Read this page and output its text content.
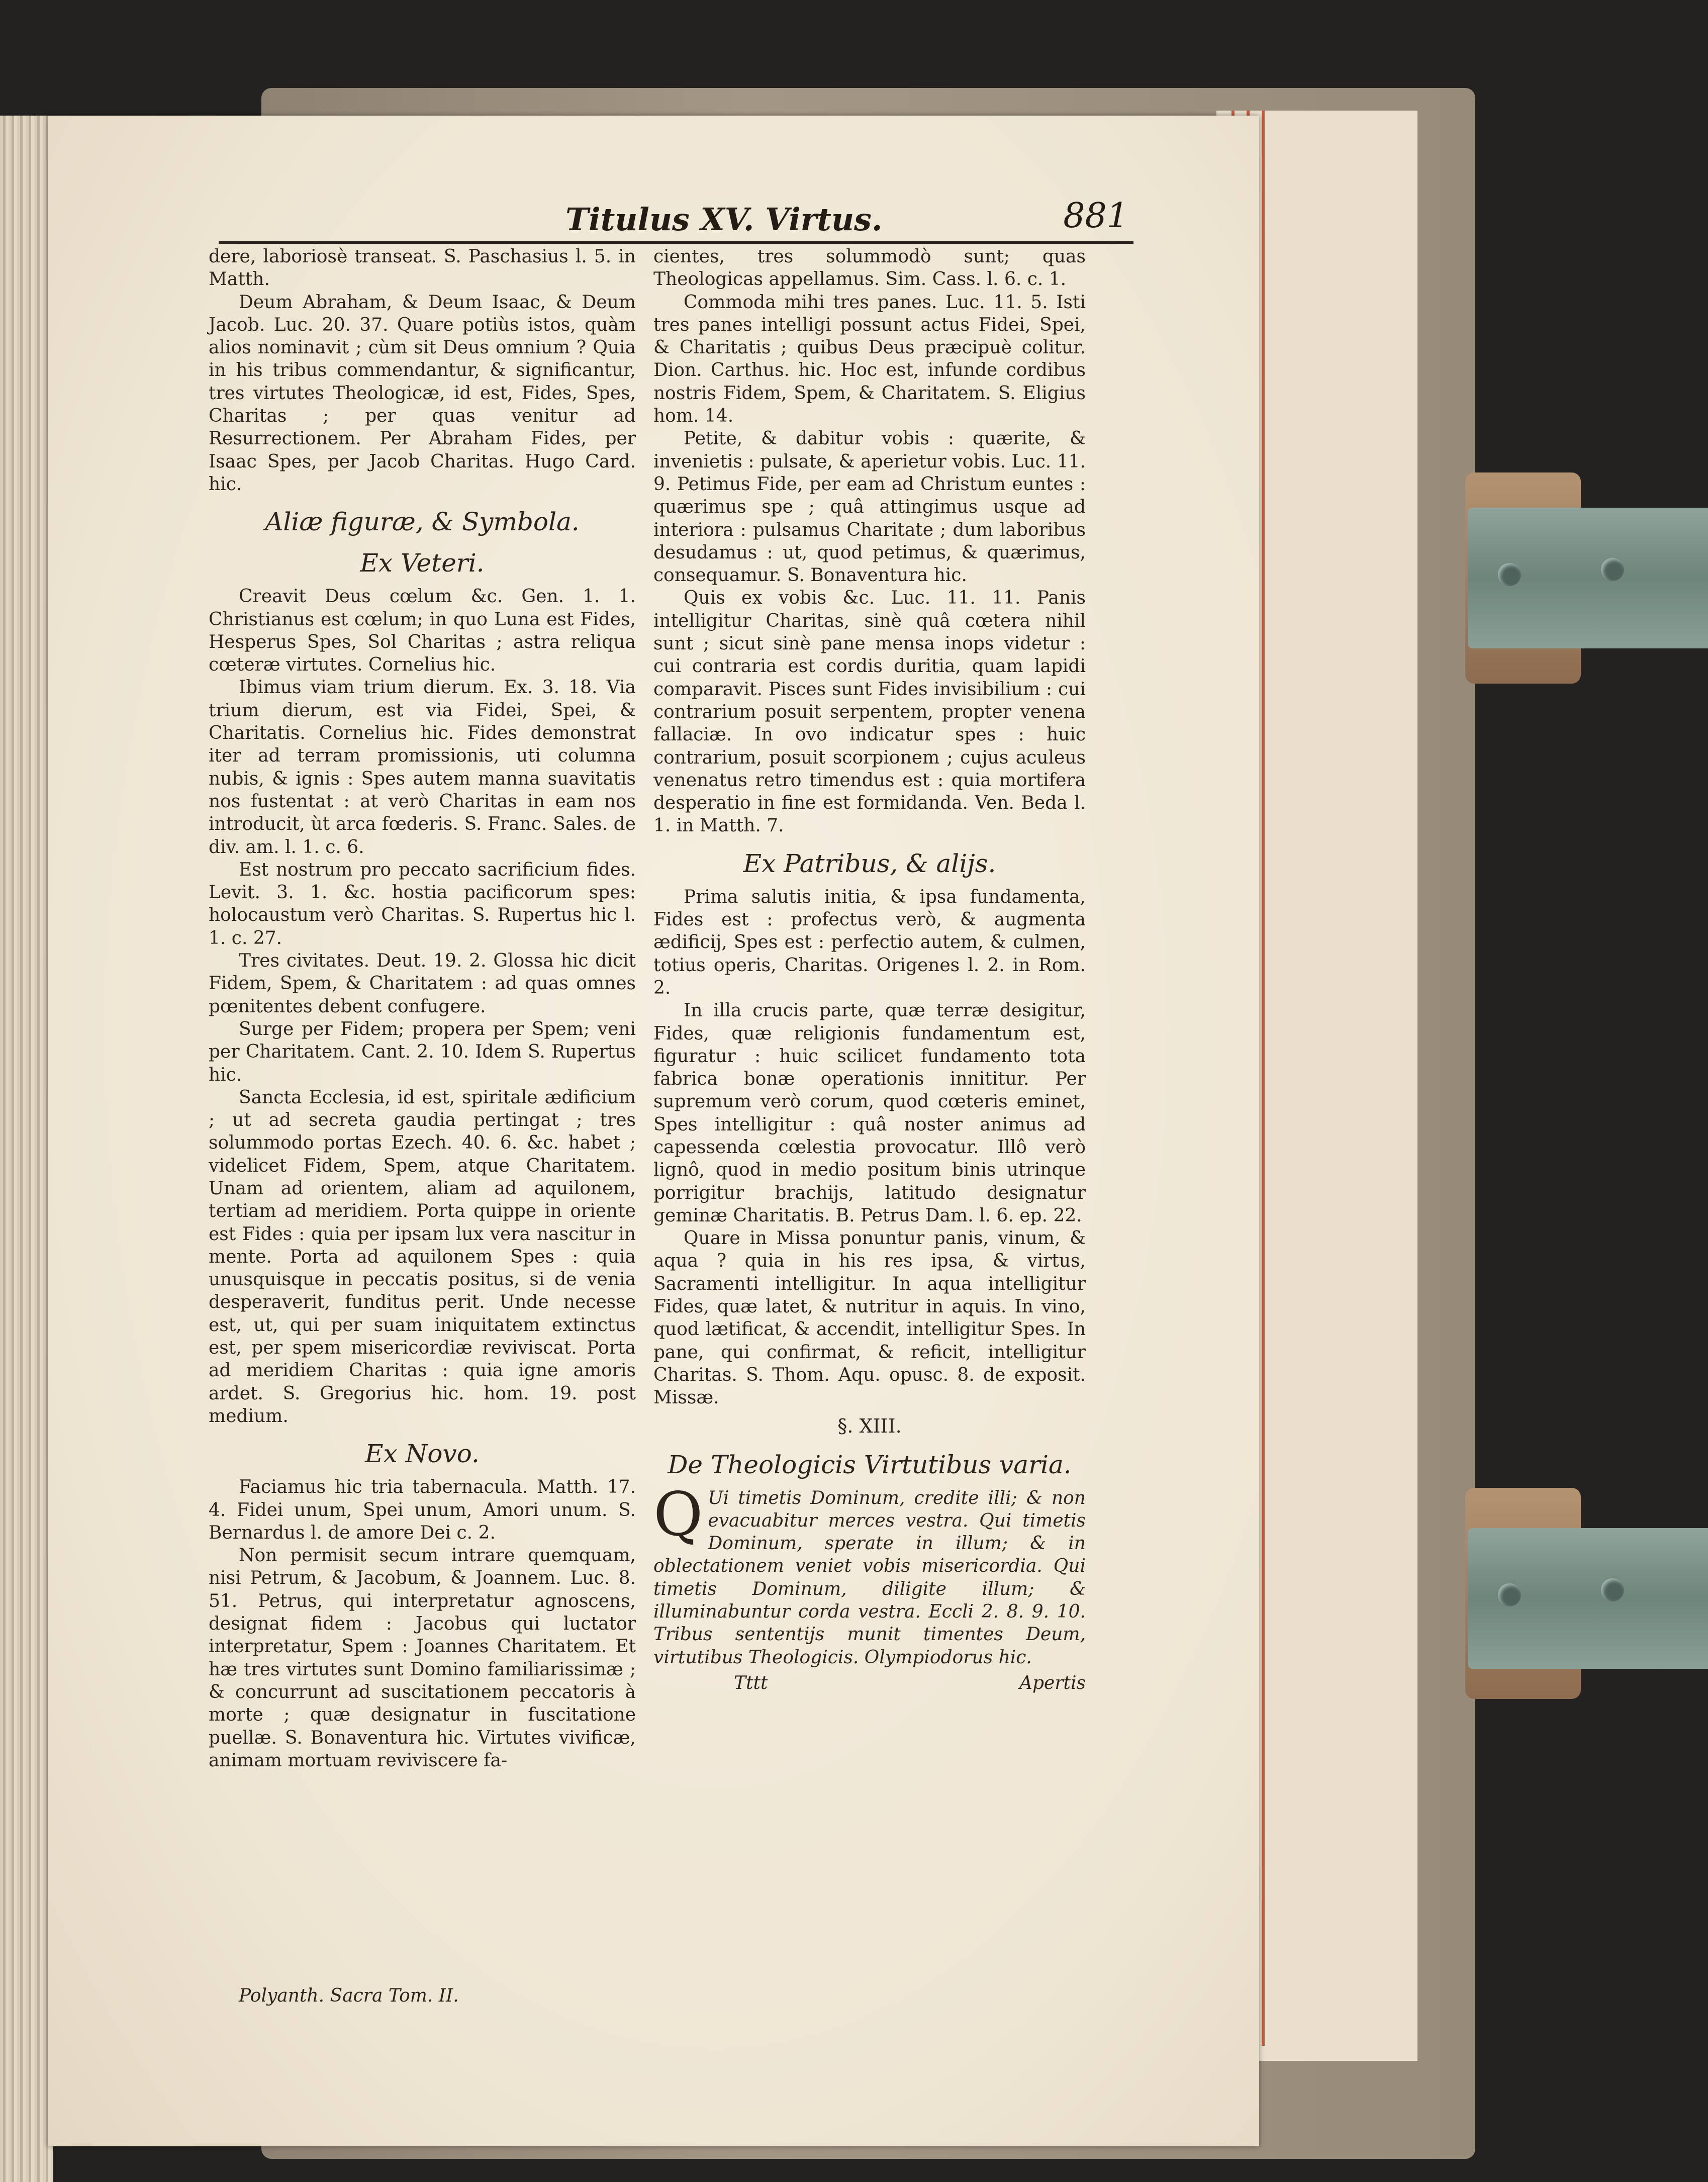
Titulus XV. Virtus.	881

dere, laboriosè transeat. S. Paschasius l. 5. in Matth.

Deum Abraham, & Deum Isaac, & Deum Jacob. Luc. 20. 37. Quare potiùs istos, quàm alios nominavit ; cùm sit Deus omnium ? Quia in his tribus commendantur, & significantur, tres virtutes Theologicæ, id est, Fides, Spes, Charitas ; per quas venitur ad Resurrectionem. Per Abraham Fides, per Isaac Spes, per Jacob Charitas. Hugo Card. hic.

Aliæ figuræ, & Symbola.
Ex Veteri.

Creavit Deus cœlum &c. Gen. 1. 1. Christianus est cœlum; in quo Luna est Fides, Hesperus Spes, Sol Charitas ; astra reliqua cœteræ virtutes. Cornelius hic.

Ibimus viam trium dierum. Ex. 3. 18. Via trium dierum, est via Fidei, Spei, & Charitatis. Cornelius hic. Fides demonstrat iter ad terram promissionis, uti columna nubis, & ignis : Spes autem manna suavitatis nos fustentat : at verò Charitas in eam nos introducit, ùt arca fœderis. S. Franc. Sales. de div. am. l. 1. c. 6.

Est nostrum pro peccato sacrificium fides. Levit. 3. 1. &c. hostia pacificorum spes: holocaustum verò Charitas. S. Rupertus hic l. 1. c. 27.

Tres civitates. Deut. 19. 2. Glossa hic dicit Fidem, Spem, & Charitatem : ad quas omnes pœnitentes debent confugere.

Surge per Fidem; propera per Spem; veni per Charitatem. Cant. 2. 10. Idem S. Rupertus hic.

Sancta Ecclesia, id est, spiritale ædificium ; ut ad secreta gaudia pertingat ; tres solummodo portas Ezech. 40. 6. &c. habet ; videlicet Fidem, Spem, atque Charitatem. Unam ad orientem, aliam ad aquilonem, tertiam ad meridiem. Porta quippe in oriente est Fides : quia per ipsam lux vera nascitur in mente. Porta ad aquilonem Spes : quia unusquisque in peccatis positus, si de venia desperaverit, funditus perit. Unde necesse est, ut, qui per suam iniquitatem extinctus est, per spem misericordiæ reviviscat. Porta ad meridiem Charitas : quia igne amoris ardet. S. Gregorius hic. hom. 19. post medium.

Ex Novo.

Faciamus hic tria tabernacula. Matth. 17. 4. Fidei unum, Spei unum, Amori unum. S. Bernardus l. de amore Dei c. 2.

Non permisit secum intrare quemquam, nisi Petrum, & Jacobum, & Joannem. Luc. 8. 51. Petrus, qui interpretatur agnoscens, designat fidem : Jacobus qui luctator interpretatur, Spem : Joannes Charitatem. Et hæ tres virtutes sunt Domino familiarissimæ ; & concurrunt ad suscitationem peccatoris à morte ; quæ designatur in fuscitatione puellæ. S. Bonaventura hic. Virtutes vivificæ, animam mortuam reviviscere fa-

cientes, tres solummodò sunt; quas Theologicas appellamus. Sim. Cass. l. 6. c. 1.

Commoda mihi tres panes. Luc. 11. 5. Isti tres panes intelligi possunt actus Fidei, Spei, & Charitatis ; quibus Deus præcipuè colitur. Dion. Carthus. hic. Hoc est, infunde cordibus nostris Fidem, Spem, & Charitatem. S. Eligius hom. 14.

Petite, & dabitur vobis : quærite, & invenietis : pulsate, & aperietur vobis. Luc. 11. 9. Petimus Fide, per eam ad Christum euntes : quærimus spe ; quâ attingimus usque ad interiora : pulsamus Charitate ; dum laboribus desudamus : ut, quod petimus, & quærimus, consequamur. S. Bonaventura hic.

Quis ex vobis &c. Luc. 11. 11. Panis intelligitur Charitas, sinè quâ cœtera nihil sunt ; sicut sinè pane mensa inops videtur : cui contraria est cordis duritia, quam lapidi comparavit. Pisces sunt Fides invisibilium : cui contrarium posuit serpentem, propter venena fallaciæ. In ovo indicatur spes : huic contrarium, posuit scorpionem ; cujus aculeus venenatus retro timendus est : quia mortifera desperatio in fine est formidanda. Ven. Beda l. 1. in Matth. 7.

Ex Patribus, & alijs.

Prima salutis initia, & ipsa fundamenta, Fides est : profectus verò, & augmenta ædificij, Spes est : perfectio autem, & culmen, totius operis, Charitas. Origenes l. 2. in Rom. 2.

In illa crucis parte, quæ terræ desigitur, Fides, quæ religionis fundamentum est, figuratur : huic scilicet fundamento tota fabrica bonæ operationis innititur. Per supremum verò corum, quod cœteris eminet, Spes intelligitur : quâ noster animus ad capessenda cœlestia provocatur. Illô verò lignô, quod in medio positum binis utrinque porrigitur brachijs, latitudo designatur geminæ Charitatis. B. Petrus Dam. l. 6. ep. 22.

Quare in Missa ponuntur panis, vinum, & aqua ? quia in his res ipsa, & virtus, Sacramenti intelligitur. In aqua intelligitur Fides, quæ latet, & nutritur in aquis. In vino, quod lætificat, & accendit, intelligitur Spes. In pane, qui confirmat, & reficit, intelligitur Charitas. S. Thom. Aqu. opusc. 8. de exposit. Missæ.

§. XIII.
De Theologicis Virtutibus varia.

Q Ui timetis Dominum, credite illi; & non evacuabitur merces vestra. Qui timetis Dominum, sperate in illum; & in oblectationem veniet vobis misericordia. Qui timetis Dominum, diligite illum; & illuminabuntur corda vestra. Eccli 2. 8. 9. 10. Tribus sententijs munit timentes Deum, virtutibus Theologicis. Olympiodorus hic.

Tttt	Apertis
Polyanth. Sacra Tom. II.
